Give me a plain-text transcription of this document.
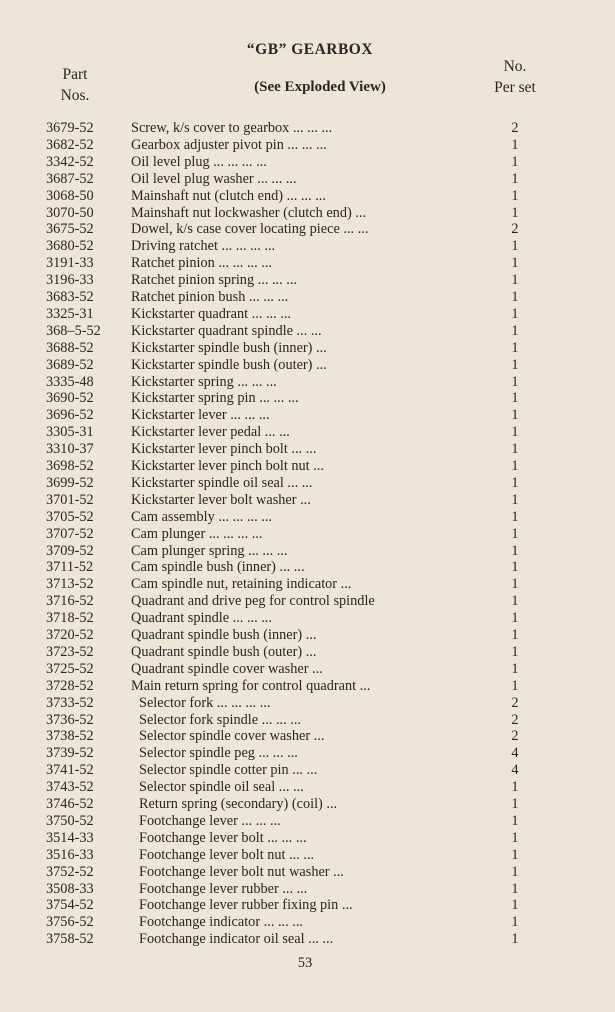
“GB” GEARBOX
(See Exploded View)
Part
Nos.
No.
Per set
3679-52	Screw, k/s cover to gearbox ... ... ...	2
3682-52	Gearbox adjuster pivot pin ... ... ...	1
3342-52	Oil level plug ... ... ... ...	1
3687-52	Oil level plug washer ... ... ...	1
3068-50	Mainshaft nut (clutch end) ... ... ...	1
3070-50	Mainshaft nut lockwasher (clutch end) ...	1
3675-52	Dowel, k/s case cover locating piece ... ...	2
3680-52	Driving ratchet ... ... ... ...	1
3191-33	Ratchet pinion ... ... ... ...	1
3196-33	Ratchet pinion spring ... ... ...	1
3683-52	Ratchet pinion bush ... ... ...	1
3325-31	Kickstarter quadrant ... ... ...	1
368–5-52	Kickstarter quadrant spindle ... ...	1
3688-52	Kickstarter spindle bush (inner) ...	1
3689-52	Kickstarter spindle bush (outer) ...	1
3335-48	Kickstarter spring ... ... ...	1
3690-52	Kickstarter spring pin ... ... ...	1
3696-52	Kickstarter lever ... ... ...	1
3305-31	Kickstarter lever pedal ... ...	1
3310-37	Kickstarter lever pinch bolt ... ...	1
3698-52	Kickstarter lever pinch bolt nut ...	1
3699-52	Kickstarter spindle oil seal ... ...	1
3701-52	Kickstarter lever bolt washer ...	1
3705-52	Cam assembly ... ... ... ...	1
3707-52	Cam plunger ... ... ... ...	1
3709-52	Cam plunger spring ... ... ...	1
3711-52	Cam spindle bush (inner) ... ...	1
3713-52	Cam spindle nut, retaining indicator ...	1
3716-52	Quadrant and drive peg for control spindle	1
3718-52	Quadrant spindle ... ... ...	1
3720-52	Quadrant spindle bush (inner) ...	1
3723-52	Quadrant spindle bush (outer) ...	1
3725-52	Quadrant spindle cover washer ...	1
3728-52	Main return spring for control quadrant ...	1
3733-52	Selector fork ... ... ... ...	2
3736-52	Selector fork spindle ... ... ...	2
3738-52	Selector spindle cover washer ...	2
3739-52	Selector spindle peg ... ... ...	4
3741-52	Selector spindle cotter pin ... ...	4
3743-52	Selector spindle oil seal ... ...	1
3746-52	Return spring (secondary) (coil) ...	1
3750-52	Footchange lever ... ... ...	1
3514-33	Footchange lever bolt ... ... ...	1
3516-33	Footchange lever bolt nut ... ...	1
3752-52	Footchange lever bolt nut washer ...	1
3508-33	Footchange lever rubber ... ...	1
3754-52	Footchange lever rubber fixing pin ...	1
3756-52	Footchange indicator ... ... ...	1
3758-52	Footchange indicator oil seal ... ...	1
53
